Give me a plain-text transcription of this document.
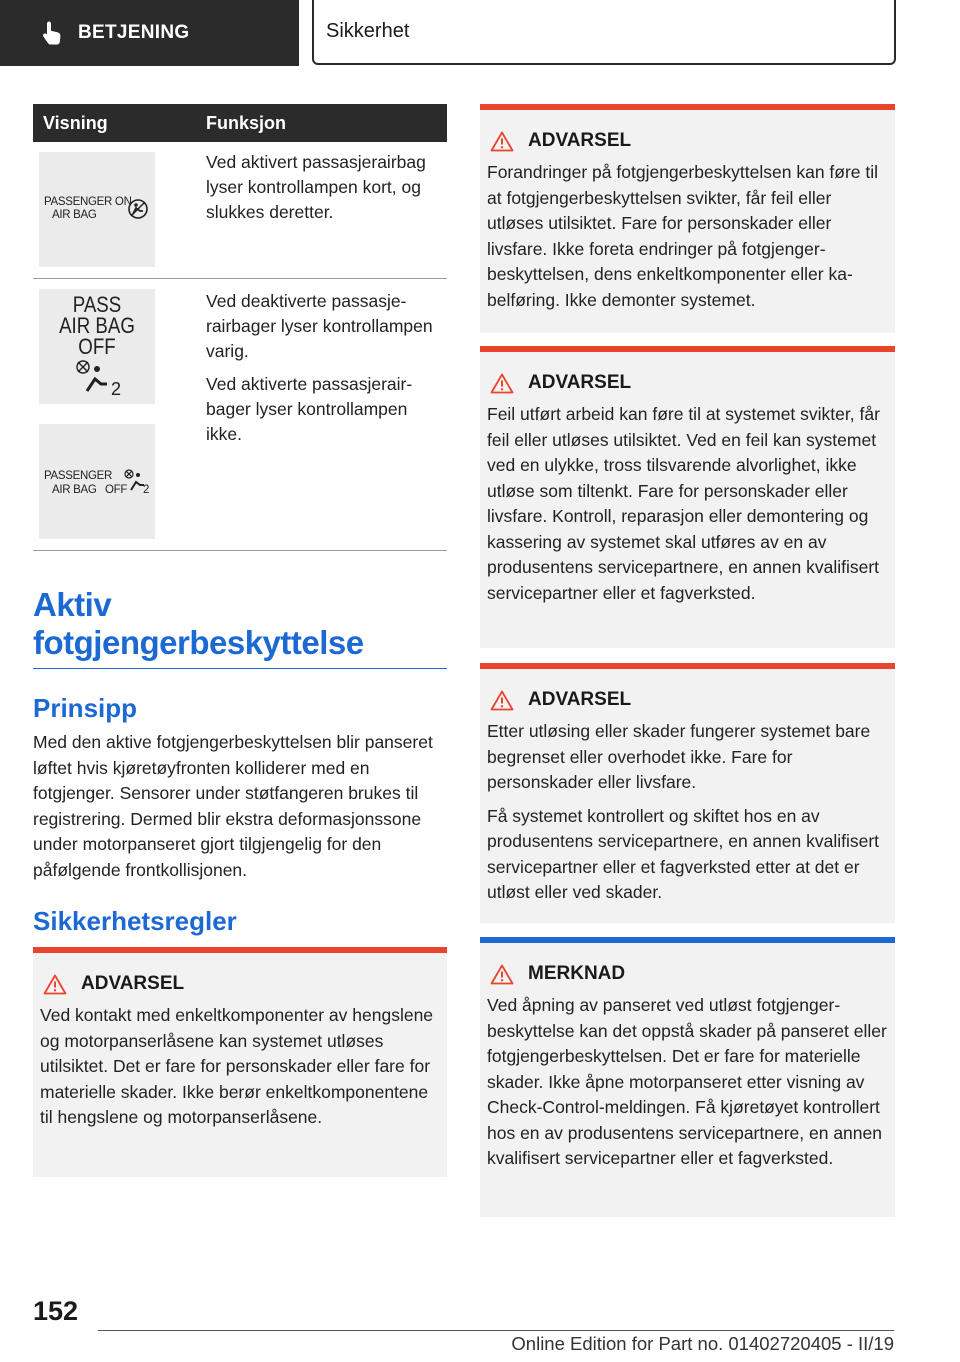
BETJENING	Sikkerhet
Visning	Funksjon
PASSENGER ON
AIR BAG

Ved aktivert passasjerairbag lyser kontrollampen kort, og slukkes deretter.

PASS
AIR BAG
OFF
2
PASSENGER
AIR BAG OFF 2

Ved deaktiverte passasjerairbager lyser kontrollampen varig.

Ved aktiverte passasjerairbager lyser kontrollampen ikke.

Aktiv
fotgjengerbeskyttelse
Prinsipp
Med den aktive fotgjengerbeskyttelsen blir panseret løftet hvis kjøretøyfronten kolliderer med en fotgjenger. Sensorer under støtfangeren brukes til registrering. Dermed blir ekstra deformasjonssone under motorpanseret gjort tilgjengelig for den påfølgende frontkollisjonen.
Sikkerhetsregler
ADVARSEL
Ved kontakt med enkeltkomponenter av hengslene og motorpanserlåsene kan systemet utløses utilsiktet. Det er fare for personskader eller fare for materielle skader. Ikke berør enkeltkomponentene til hengslene og motorpanserlåsene.
ADVARSEL
Forandringer på fotgjengerbeskyttelsen kan føre til at fotgjengerbeskyttelsen svikter, får feil eller utløses utilsiktet. Fare for personskader eller livsfare. Ikke foreta endringer på fotgjengerbeskyttelsen, dens enkeltkomponenter eller kabelføring. Ikke demonter systemet.
ADVARSEL
Feil utført arbeid kan føre til at systemet svikter, får feil eller utløses utilsiktet. Ved en feil kan systemet ved en ulykke, tross tilsvarende alvorlighet, ikke utløse som tiltenkt. Fare for personskader eller livsfare. Kontroll, reparasjon eller demontering og kassering av systemet skal utføres av en av produsentens servicepartnere, en annen kvalifisert servicepartner eller et fagverksted.
ADVARSEL

Etter utløsing eller skader fungerer systemet bare begrenset eller overhodet ikke. Fare for personskader eller livsfare.

Få systemet kontrollert og skiftet hos en av produsentens servicepartnere, en annen kvalifisert servicepartner eller et fagverksted etter at det er utløst eller ved skader.

MERKNAD
Ved åpning av panseret ved utløst fotgjengerbeskyttelse kan det oppstå skader på panseret eller fotgjengerbeskyttelsen. Det er fare for materielle skader. Ikke åpne motorpanseret etter visning av Check-Control-meldingen. Få kjøretøyet kontrollert hos en av produsentens servicepartnere, en annen kvalifisert servicepartner eller et fagverksted.
152
Online Edition for Part no. 01402720405 - II/19
